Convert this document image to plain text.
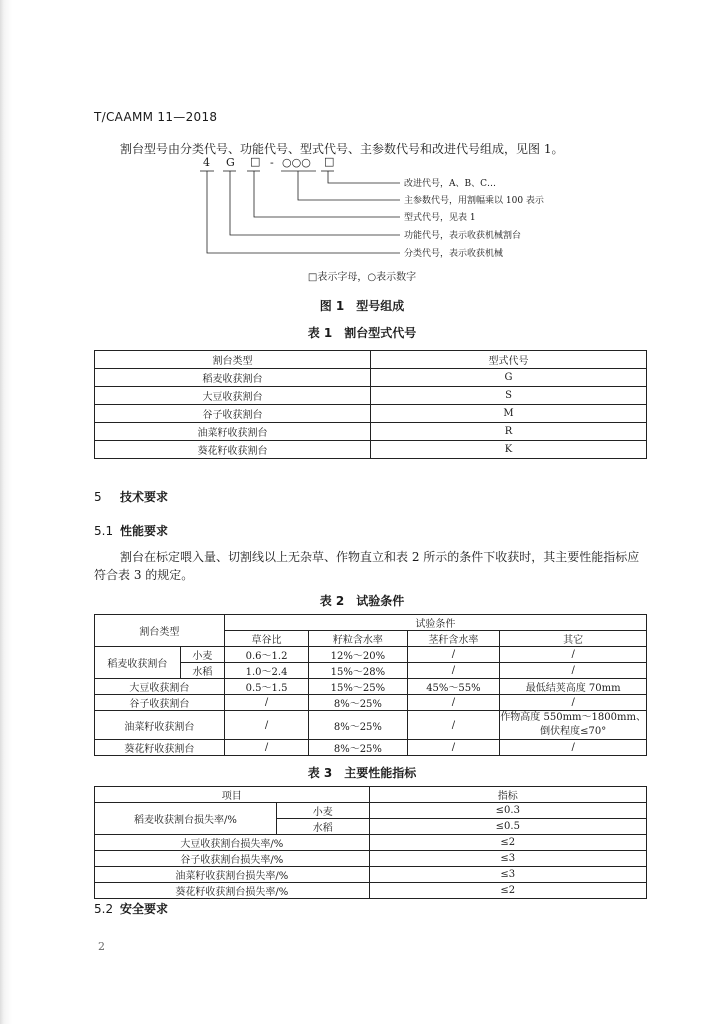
T/CAAMM 11—2018
割台型号由分类代号、功能代号、型式代号、主参数代号和改进代号组成，见图 1。
4 G □ - ○○○ □
改进代号，A、B、C…
主参数代号，用割幅乘以 100 表示
型式代号，见表 1
功能代号，表示收获机械割台
分类代号，表示收获机械
□表示字母，○表示数字
图 1　型号组成
表 1　割台型式代号
割台类型	型式代号
稻麦收获割台	G
大豆收获割台	S
谷子收获割台	M
油菜籽收获割台	R
葵花籽收获割台	K
5 技术要求
5.1 性能要求
割台在标定喂入量、切割线以上无杂草、作物直立和表 2 所示的条件下收获时，其主要性能指标应
符合表 3 的规定。
表 2　试验条件
割台类型		试验条件			
		草谷比	籽粒含水率	茎秆含水率	其它
稻麦收获割台	小麦	0.6～1.2	12%～20%	/	/
	水稻	1.0～2.4	15%～28%	/	/
大豆收获割台		0.5～1.5	15%～25%	45%～55%	最低结荚高度 70mm
谷子收获割台		/	8%～25%	/	/
油菜籽收获割台		/	8%～25%	/	作物高度 550mm～1800mm、
倒伏程度≤70°

葵花籽收获割台		/	8%～25%	/	/
表 3　主要性能指标
项目		指标
稻麦收获割台损失率/%	小麦	≤0.3
	水稻	≤0.5
大豆收获割台损失率/%		≤2
谷子收获割台损失率/%		≤3
油菜籽收获割台损失率/%		≤3
葵花籽收获割台损失率/%		≤2
5.2 安全要求
2
